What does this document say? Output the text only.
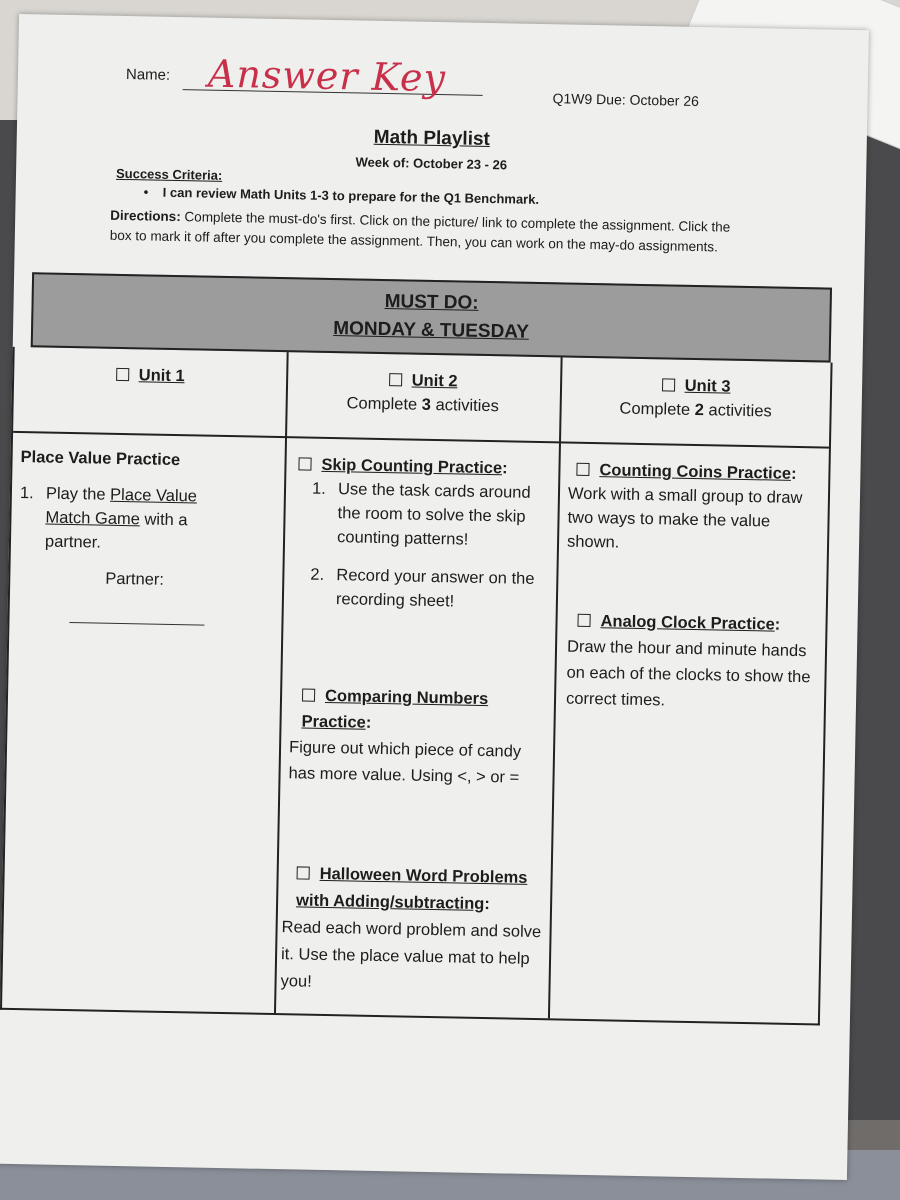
Name: Answer Key	Q1W9 Due: October 26
Math Playlist
Week of: October 23 - 26
Success Criteria:
•    I can review Math Units 1-3 to prepare for the Q1 Benchmark.
Directions: Complete the must-do's first. Click on the picture/ link to complete the assignment. Click the box to mark it off after you complete the assignment. Then, you can work on the may-do assignments.
MUST DO:
MONDAY & TUESDAY
Unit 1	Unit 2
Complete 3 activities
Unit 3
Complete 2 activities
Place Value Practice
1. Play the Place Value Match Game with a partner.
Partner:
Skip Counting Practice:
1. Use the task cards around the room to solve the skip counting patterns!
2. Record your answer on the recording sheet!
Comparing Numbers Practice:
Figure out which piece of candy has more value. Using <, > or =
Halloween Word Problems with Adding/subtracting:
Read each word problem and solve it. Use the place value mat to help you!
Counting Coins Practice:
Work with a small group to draw two ways to make the value shown.
Analog Clock Practice:
Draw the hour and minute hands on each of the clocks to show the correct times.
